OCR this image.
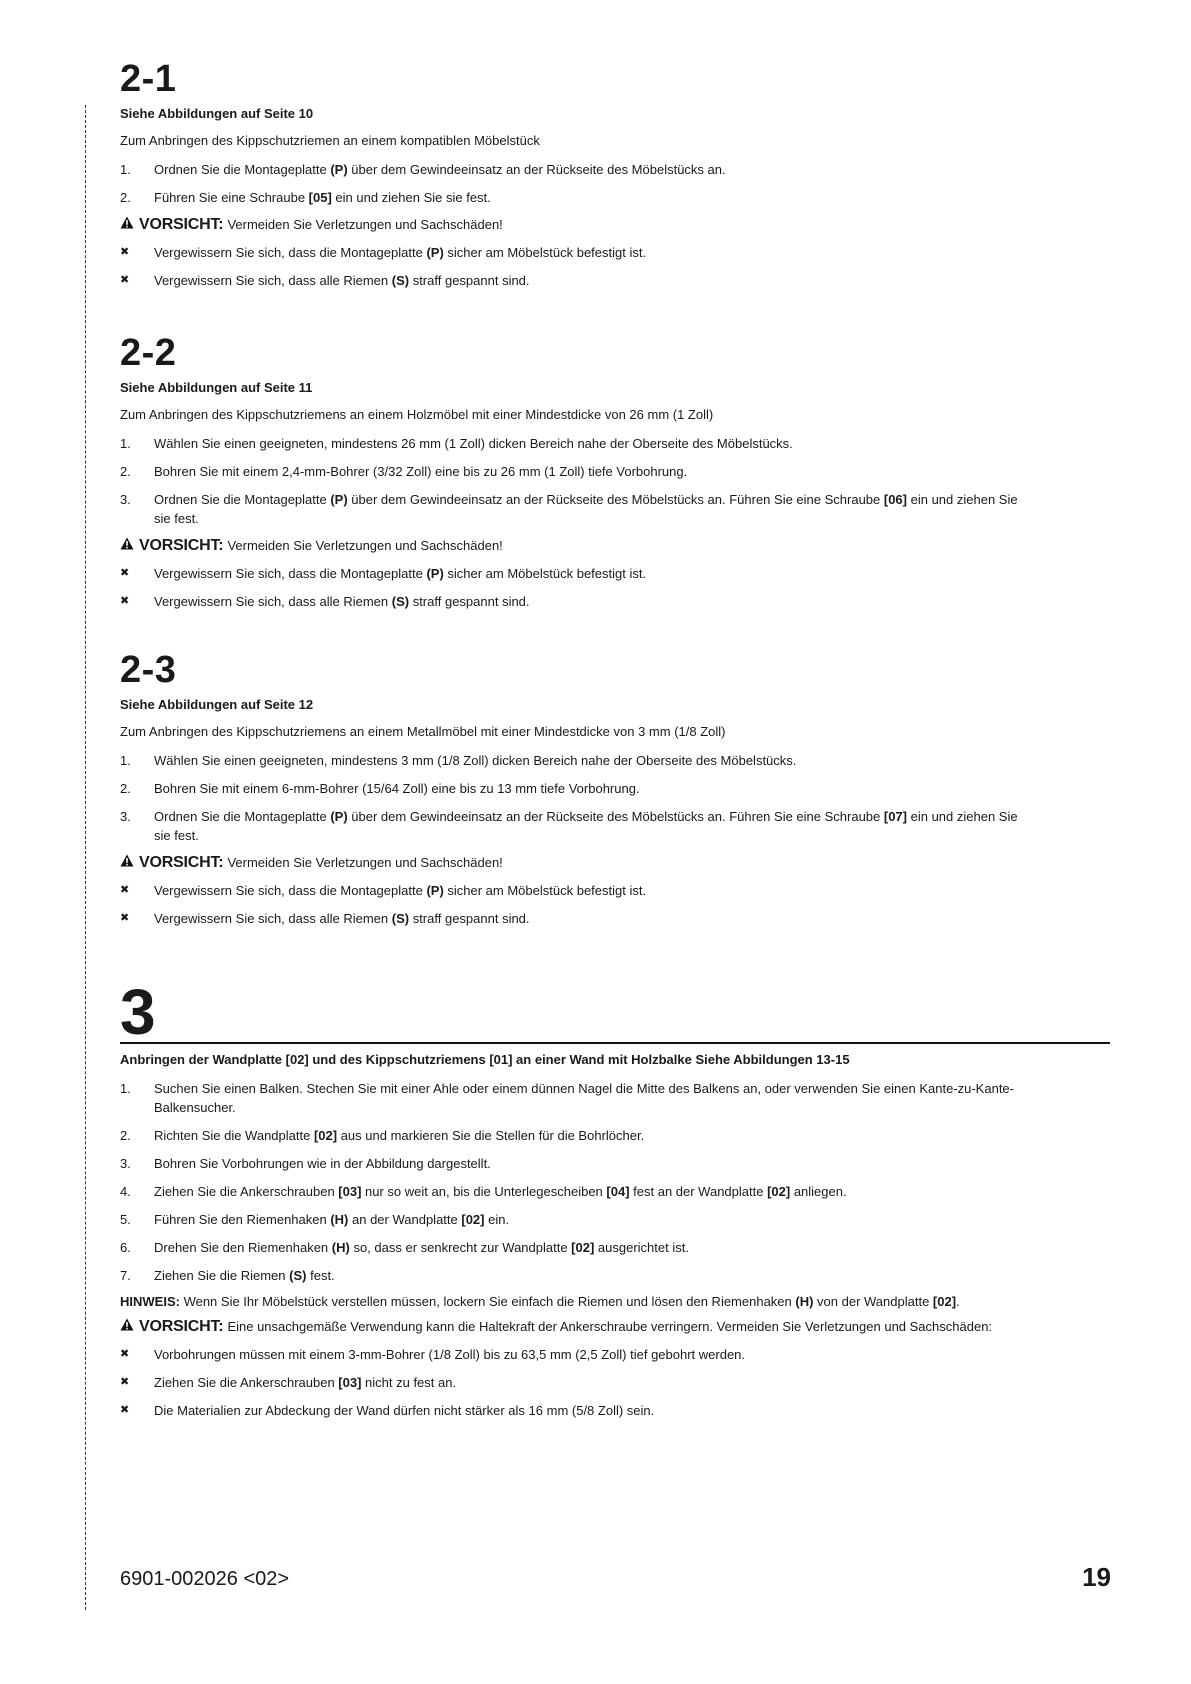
2-1
Siehe Abbildungen auf Seite 10
Zum Anbringen des Kippschutzriemen an einem kompatiblen Möbelstück
1.	Ordnen Sie die Montageplatte (P) über dem Gewindeeinsatz an der Rückseite des Möbelstücks an.
2.	Führen Sie eine Schraube [05] ein und ziehen Sie sie fest.
VORSICHT: Vermeiden Sie Verletzungen und Sachschäden!
✖	Vergewissern Sie sich, dass die Montageplatte (P) sicher am Möbelstück befestigt ist.
✖	Vergewissern Sie sich, dass alle Riemen (S) straff gespannt sind.
2-2
Siehe Abbildungen auf Seite 11
Zum Anbringen des Kippschutzriemens an einem Holzmöbel mit einer Mindestdicke von 26 mm (1 Zoll)
1.	Wählen Sie einen geeigneten, mindestens 26 mm (1 Zoll) dicken Bereich nahe der Oberseite des Möbelstücks.
2.	Bohren Sie mit einem 2,4-mm-Bohrer (3/32 Zoll) eine bis zu 26 mm (1 Zoll) tiefe Vorbohrung.
3.	Ordnen Sie die Montageplatte (P) über dem Gewindeeinsatz an der Rückseite des Möbelstücks an. Führen Sie eine Schraube [06] ein und ziehen Sie sie fest.
VORSICHT: Vermeiden Sie Verletzungen und Sachschäden!
✖	Vergewissern Sie sich, dass die Montageplatte (P) sicher am Möbelstück befestigt ist.
✖	Vergewissern Sie sich, dass alle Riemen (S) straff gespannt sind.
2-3
Siehe Abbildungen auf Seite 12
Zum Anbringen des Kippschutzriemens an einem Metallmöbel mit einer Mindestdicke von 3 mm (1/8 Zoll)
1.	Wählen Sie einen geeigneten, mindestens 3 mm (1/8 Zoll) dicken Bereich nahe der Oberseite des Möbelstücks.
2.	Bohren Sie mit einem 6-mm-Bohrer (15/64 Zoll) eine bis zu 13 mm tiefe Vorbohrung.
3.	Ordnen Sie die Montageplatte (P) über dem Gewindeeinsatz an der Rückseite des Möbelstücks an. Führen Sie eine Schraube [07] ein und ziehen Sie sie fest.
VORSICHT: Vermeiden Sie Verletzungen und Sachschäden!
✖	Vergewissern Sie sich, dass die Montageplatte (P) sicher am Möbelstück befestigt ist.
✖	Vergewissern Sie sich, dass alle Riemen (S) straff gespannt sind.
3
Anbringen der Wandplatte [02] und des Kippschutzriemens [01] an einer Wand mit Holzbalke Siehe Abbildungen 13-15
1.	Suchen Sie einen Balken. Stechen Sie mit einer Ahle oder einem dünnen Nagel die Mitte des Balkens an, oder verwenden Sie einen Kante-zu-Kante-Balkensucher.
2.	Richten Sie die Wandplatte [02] aus und markieren Sie die Stellen für die Bohrlöcher.
3.	Bohren Sie Vorbohrungen wie in der Abbildung dargestellt.
4.	Ziehen Sie die Ankerschrauben [03] nur so weit an, bis die Unterlegescheiben [04] fest an der Wandplatte [02] anliegen.
5.	Führen Sie den Riemenhaken (H) an der Wandplatte [02] ein.
6.	Drehen Sie den Riemenhaken (H) so, dass er senkrecht zur Wandplatte [02] ausgerichtet ist.
7.	Ziehen Sie die Riemen (S) fest.
HINWEIS: Wenn Sie Ihr Möbelstück verstellen müssen, lockern Sie einfach die Riemen und lösen den Riemenhaken (H) von der Wandplatte [02].
VORSICHT: Eine unsachgemäße Verwendung kann die Haltekraft der Ankerschraube verringern. Vermeiden Sie Verletzungen und Sachschäden:
✖	Vorbohrungen müssen mit einem 3-mm-Bohrer (1/8 Zoll) bis zu 63,5 mm (2,5 Zoll) tief gebohrt werden.
✖	Ziehen Sie die Ankerschrauben [03] nicht zu fest an.
✖	Die Materialien zur Abdeckung der Wand dürfen nicht stärker als 16 mm (5/8 Zoll) sein.
6901-002026 <02>	19
